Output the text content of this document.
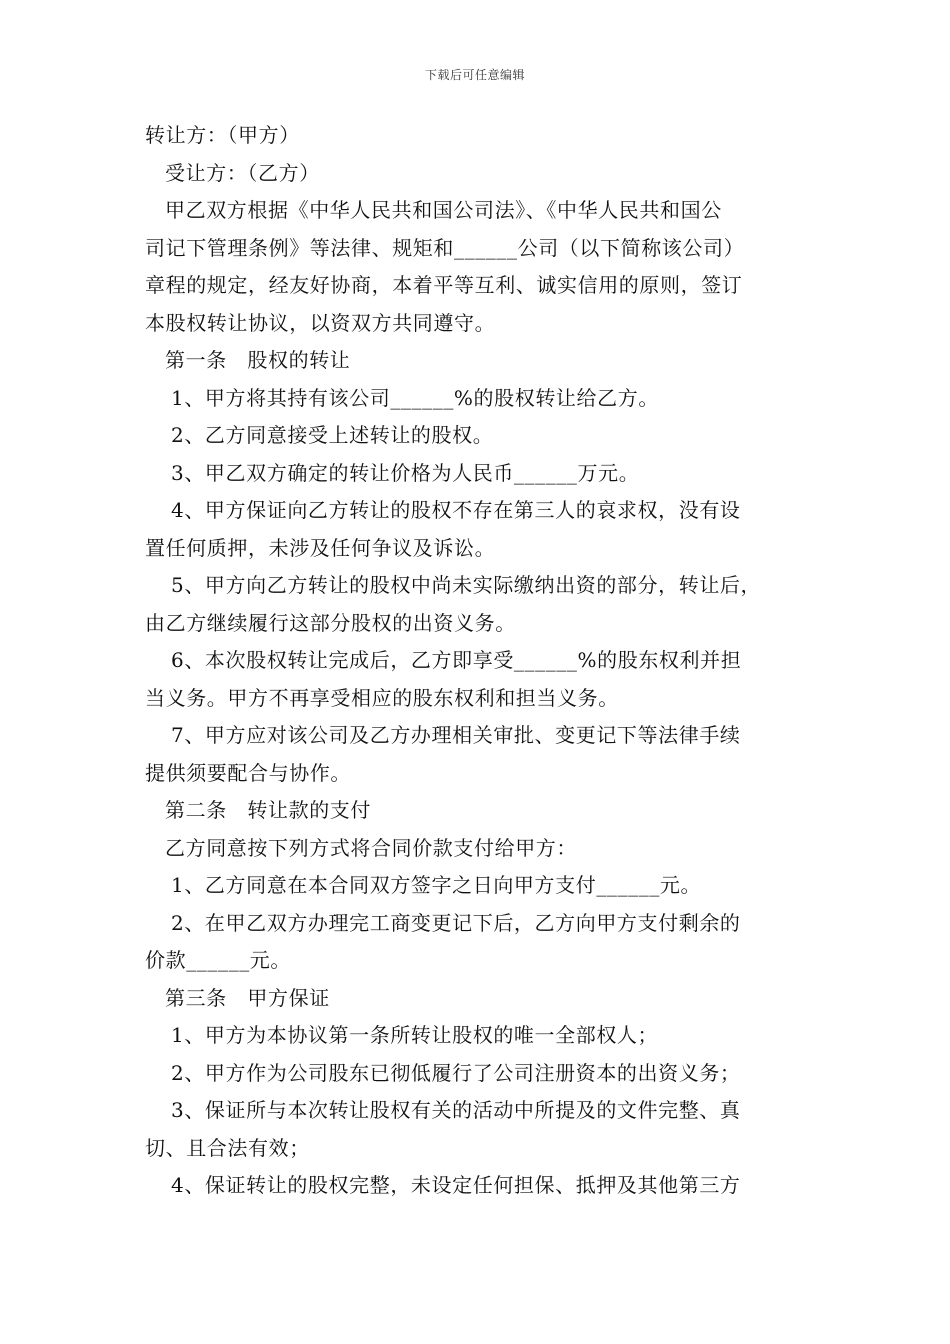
下载后可任意编辑

转让方：（甲方）

受让方：（乙方）

甲乙双方根据《中华人民共和国公司法》、《中华人民共和国公

司记下管理条例》等法律、规矩和______公司（以下简称该公司）

章程的规定，经友好协商，本着平等互利、诚实信用的原则，签订

本股权转让协议，以资双方共同遵守。

第一条　股权的转让

1、甲方将其持有该公司______%的股权转让给乙方。

2、乙方同意接受上述转让的股权。

3、甲乙双方确定的转让价格为人民币______万元。

4、甲方保证向乙方转让的股权不存在第三人的哀求权，没有设

置任何质押，未涉及任何争议及诉讼。

5、甲方向乙方转让的股权中尚未实际缴纳出资的部分，转让后，

由乙方继续履行这部分股权的出资义务。

6、本次股权转让完成后，乙方即享受______%的股东权利并担

当义务。甲方不再享受相应的股东权利和担当义务。

7、甲方应对该公司及乙方办理相关审批、变更记下等法律手续

提供须要配合与协作。

第二条　转让款的支付

乙方同意按下列方式将合同价款支付给甲方：

1、乙方同意在本合同双方签字之日向甲方支付______元。

2、在甲乙双方办理完工商变更记下后，乙方向甲方支付剩余的

价款______元。

第三条　甲方保证

1、甲方为本协议第一条所转让股权的唯一全部权人；

2、甲方作为公司股东已彻低履行了公司注册资本的出资义务；

3、保证所与本次转让股权有关的活动中所提及的文件完整、真

切、且合法有效；

4、保证转让的股权完整，未设定任何担保、抵押及其他第三方
